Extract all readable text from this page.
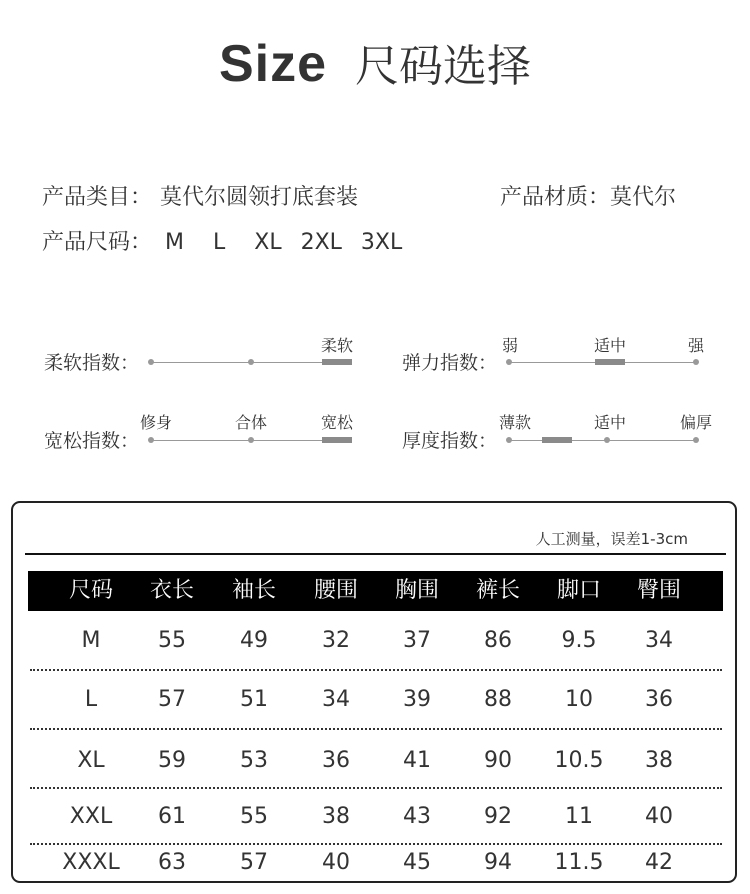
Size 尺码选择
产品类目： 莫代尔圆领打底套装	产品材质：莫代尔
产品尺码： M L XL 2XL 3XL
柔软指数：
柔软
弹力指数：
弱	适中	强
宽松指数：
修身	合体	宽松
厚度指数：
薄款	适中	偏厚
人工测量，误差1-3cm
尺码	衣长	袖长	腰围	胸围	裤长	脚口	臀围
M	55	49	32	37	86	9.5	34
L	57	51	34	39	88	10	36
XL	59	53	36	41	90	10.5	38
XXL	61	55	38	43	92	11	40
XXXL	63	57	40	45	94	11.5	42
